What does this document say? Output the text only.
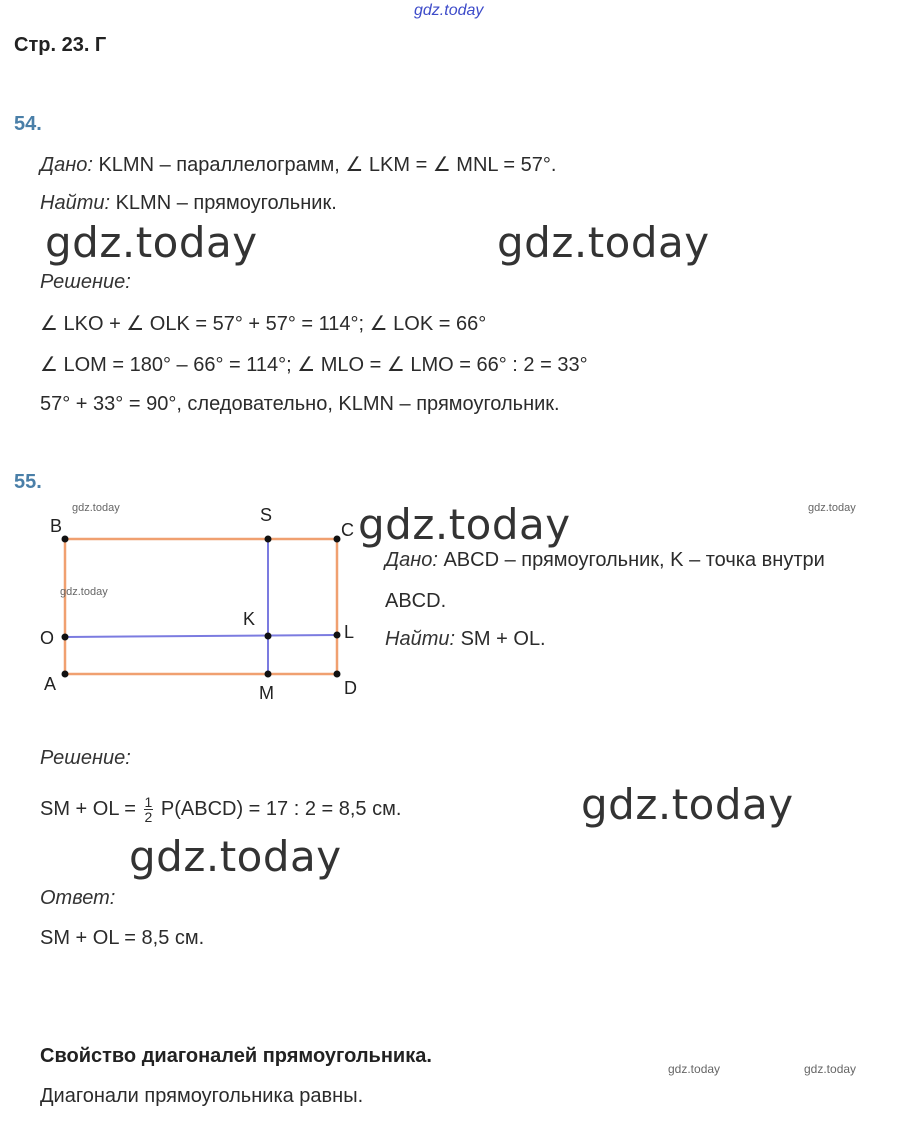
gdz.today
Стр. 23. Г
54.
Дано: KLMN – параллелограмм, ∠ LKM = ∠ MNL = 57°.
Найти: KLMN – прямоугольник.
gdz.today	gdz.today
Решение:
∠ LKO + ∠ OLK = 57° + 57° = 114°; ∠ LOK = 66°
∠ LOM = 180° – 66° = 114°; ∠ MLO = ∠ LMO = 66° : 2 = 33°
57° + 33° = 90°, следовательно, KLMN – прямоугольник.
55.
gdz.today	gdz.today
B
S
C
O
K
L
A	M	D
gdz.today
gdz.today
Дано: ABCD – прямоугольник, K – точка внутри
ABCD.
Найти: SM + OL.
Решение:
SM + OL = $\frac{1}{2}$ P(ABCD) = 17 : 2 = 8,5 см.	gdz.today
gdz.today
Ответ:
SM + OL = 8,5 см.
Свойство диагоналей прямоугольника.
gdz.today	gdz.today
Диагонали прямоугольника равны.
